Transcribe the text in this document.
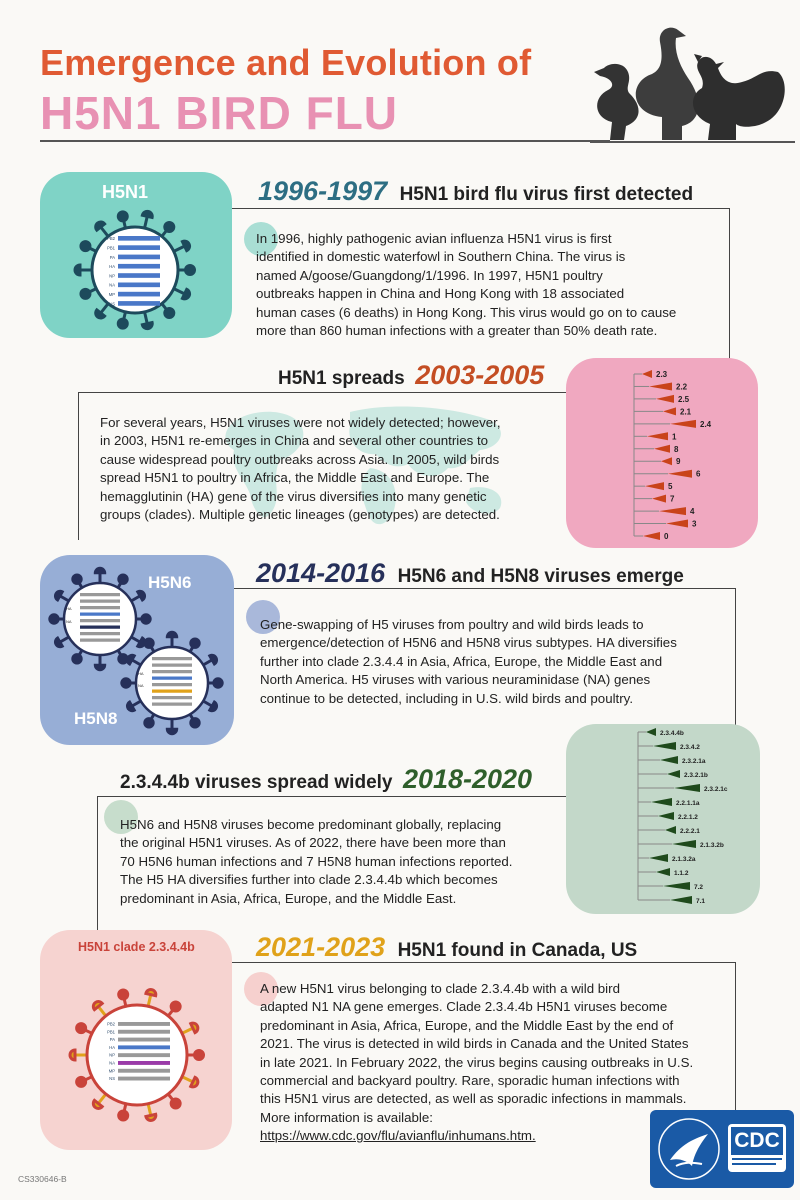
Emergence and Evolution of
H5N1 BIRD FLU
H5N1
PB2
PB1
PA
HA
NP
NA
MP
NS
1996-1997 H5N1 bird flu virus first detected
In 1996, highly pathogenic avian influenza H5N1 virus is first
identified in domestic waterfowl in Southern China. The virus is
named A/goose/Guangdong/1/1996. In 1997, H5N1 poultry
outbreaks happen in China and Hong Kong with 18 associated
human cases (6 deaths) in Hong Kong. This virus would go on to cause
more than 860 human infections with a greater than 50% death rate.
H5N1 spreads 2003-2005	2.3
2.2
2.5
2.1
2.4
1
8
9
6
5
7
4
3
0
For several years, H5N1 viruses were not widely detected; however,
in 2003, H5N1 re-emerges in China and several other countries to
cause widespread poultry outbreaks across Asia. In 2005, wild birds
spread H5N1 to poultry in Africa, the Middle East and Europe. The
hemagglutinin (HA) gene of the virus diversifies into many genetic
groups (clades). Multiple genetic lineages (genotypes) are detected.
H5N6
H5N8
HA
NA
HA
NA
2014-2016 H5N6 and H5N8 viruses emerge
Gene-swapping of H5 viruses from poultry and wild birds leads to
emergence/detection of H5N6 and H5N8 virus subtypes. HA diversifies
further into clade 2.3.4.4 in Asia, Africa, Europe, the Middle East and
North America. H5 viruses with various neuraminidase (NA) genes
continue to be detected, including in U.S. wild birds and poultry.
2.3.4.4b viruses spread widely 2018-2020
2.3.4.4b
2.3.4.2
2.3.2.1a
2.3.2.1b
2.3.2.1c
2.2.1.1a
2.2.1.2
2.2.2.1
2.1.3.2b
2.1.3.2a
1.1.2
7.2
7.1
H5N6 and H5N8 viruses become predominant globally, replacing
the original H5N1 viruses. As of 2022, there have been more than
70 H5N6 human infections and 7 H5N8 human infections reported.
The H5 HA diversifies further into clade 2.3.4.4b which becomes
predominant in Asia, Africa, Europe, and the Middle East.
H5N1 clade 2.3.4.4b
PB2
PB1
PA
HA
NP
NA
MP
NS
2021-2023 H5N1 found in Canada, US
A new H5N1 virus belonging to clade 2.3.4.4b with a wild bird
adapted N1 NA gene emerges. Clade 2.3.4.4b H5N1 viruses become
predominant in Asia, Africa, Europe, and the Middle East by the end of
2021. The virus is detected in wild birds in Canada and the United States
in late 2021. In February 2022, the virus begins causing outbreaks in U.S.
commercial and backyard poultry. Rare, sporadic human infections with
this H5N1 virus are detected, as well as sporadic infections in mammals.
More information is available:
https://www.cdc.gov/flu/avianflu/inhumans.htm.	CDC
CS330646-B
